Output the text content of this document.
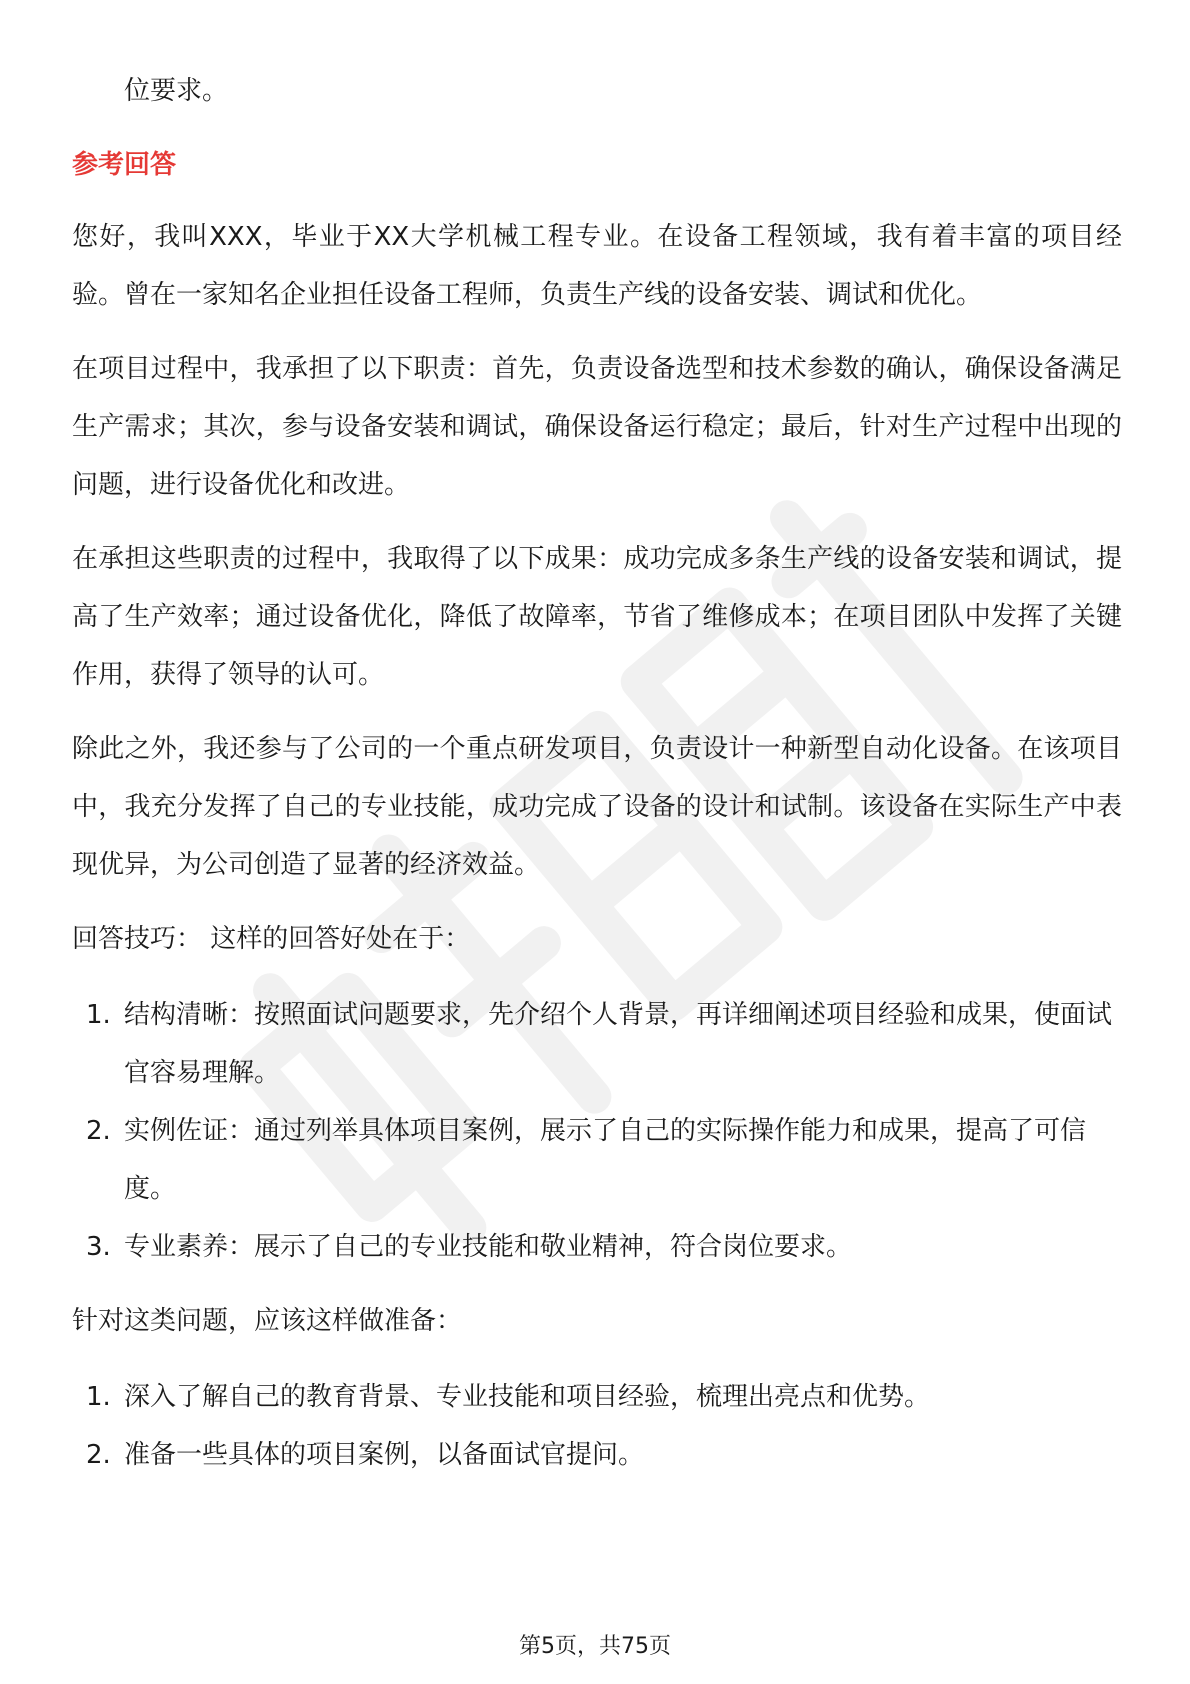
位要求。

参考回答

您好，我叫XXX，毕业于XX大学机械工程专业。在设备工程领域，我有着丰富的项目经验。曾在一家知名企业担任设备工程师，负责生产线的设备安装、调试和优化。

在项目过程中，我承担了以下职责：首先，负责设备选型和技术参数的确认，确保设备满足生产需求；其次，参与设备安装和调试，确保设备运行稳定；最后，针对生产过程中出现的问题，进行设备优化和改进。

在承担这些职责的过程中，我取得了以下成果：成功完成多条生产线的设备安装和调试，提高了生产效率；通过设备优化，降低了故障率，节省了维修成本；在项目团队中发挥了关键作用，获得了领导的认可。

除此之外，我还参与了公司的一个重点研发项目，负责设计一种新型自动化设备。在该项目中，我充分发挥了自己的专业技能，成功完成了设备的设计和试制。该设备在实际生产中表现优异，为公司创造了显著的经济效益。

回答技巧： 这样的回答好处在于：

1. 结构清晰：按照面试问题要求，先介绍个人背景，再详细阐述项目经验和成果，使面试官容易理解。
2. 实例佐证：通过列举具体项目案例，展示了自己的实际操作能力和成果，提高了可信度。
3. 专业素养：展示了自己的专业技能和敬业精神，符合岗位要求。

针对这类问题，应该这样做准备：

1. 深入了解自己的教育背景、专业技能和项目经验，梳理出亮点和优势。
2. 准备一些具体的项目案例，以备面试官提问。
第5页，共75页
